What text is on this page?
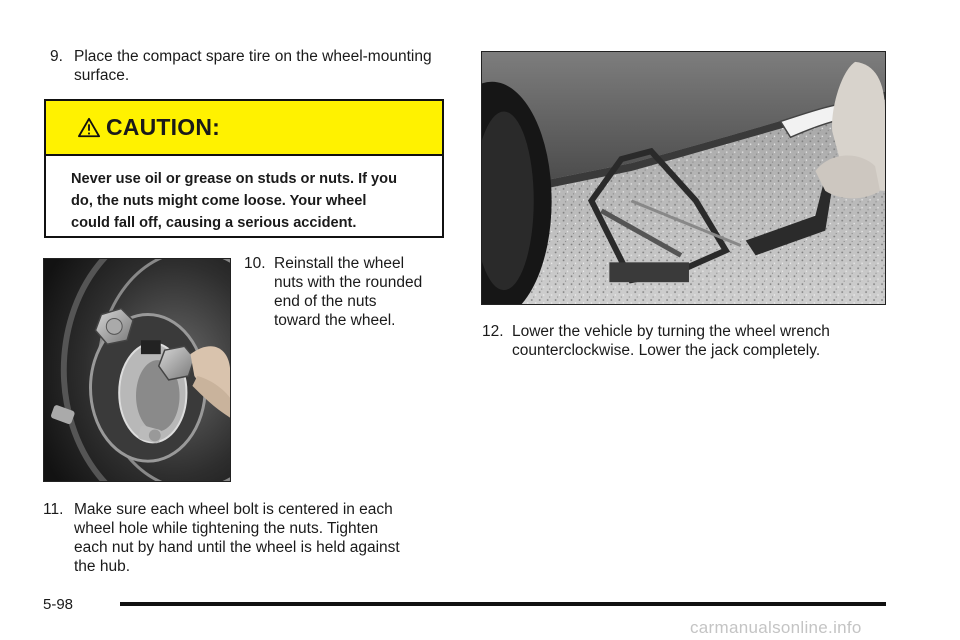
9. Place the compact spare tire on the wheel-mounting
surface.
CAUTION:
Never use oil or grease on studs or nuts. If you
do, the nuts might come loose. Your wheel
could fall off, causing a serious accident.
10. Reinstall the wheel
nuts with the rounded
end of the nuts
toward the wheel.
11. Make sure each wheel bolt is centered in each
wheel hole while tightening the nuts. Tighten
each nut by hand until the wheel is held against
the hub.
12. Lower the vehicle by turning the wheel wrench
counterclockwise. Lower the jack completely.
5-98
carmanualsonline.info
